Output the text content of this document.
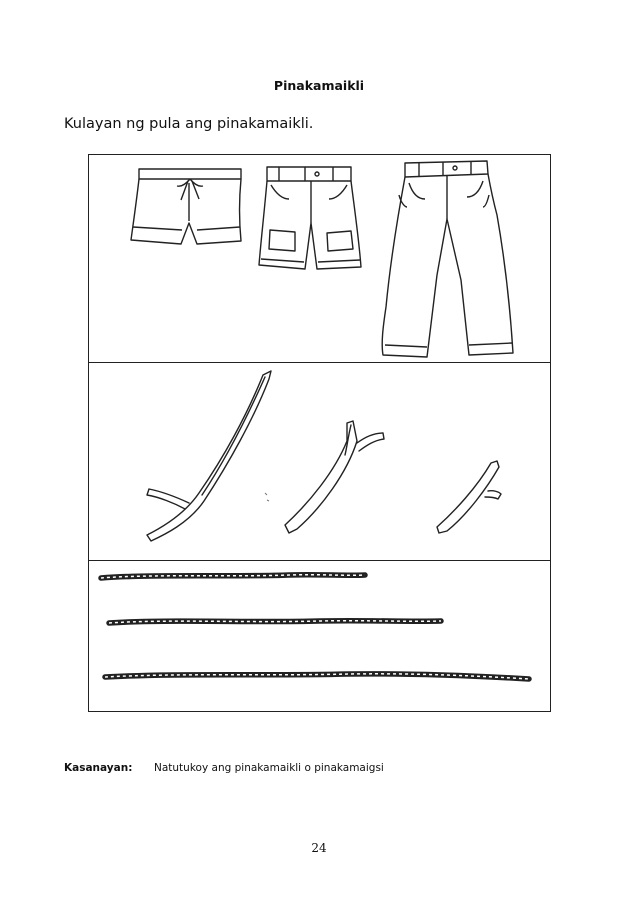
Pinakamaikli
Kulayan ng pula ang pinakamaikli.
Kasanayan: Natutukoy ang pinakamaikli o pinakamaigsi
24
